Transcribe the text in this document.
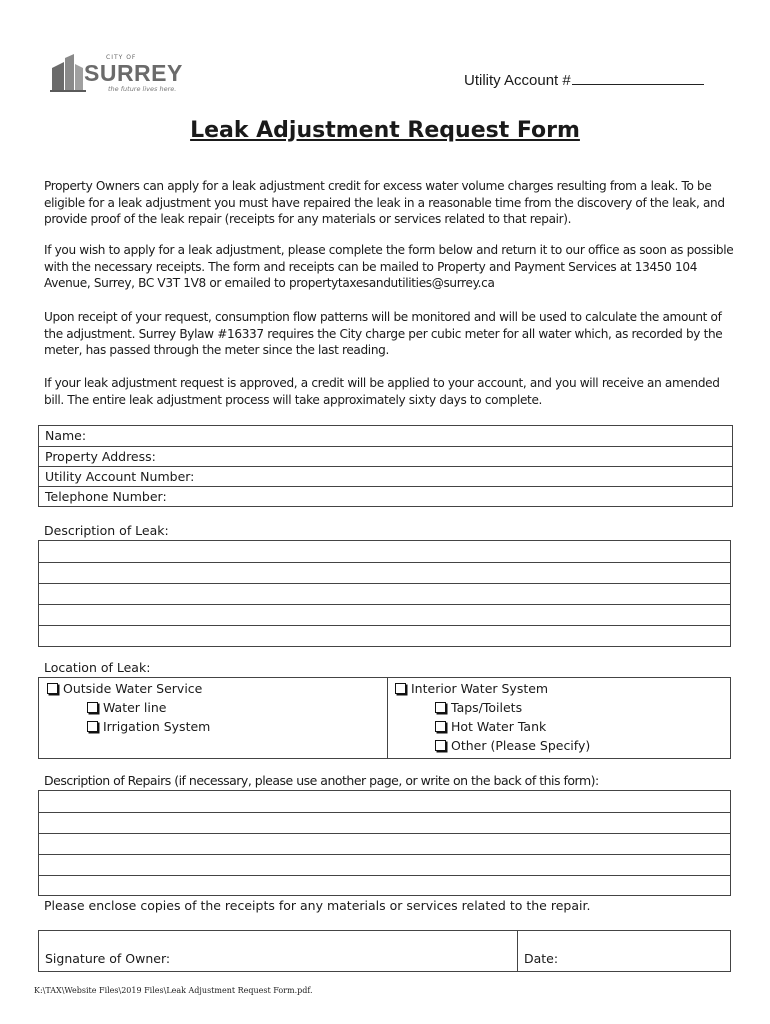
CITY OF
SURREY
the future lives here.	Utility Account #
Leak Adjustment Request Form
Property Owners can apply for a leak adjustment credit for excess water volume charges resulting from a leak. To be eligible for a leak adjustment you must have repaired the leak in a reasonable time from the discovery of the leak, and provide proof of the leak repair (receipts for any materials or services related to that repair).
If you wish to apply for a leak adjustment, please complete the form below and return it to our office as soon as possible with the necessary receipts. The form and receipts can be mailed to Property and Payment Services at 13450 104 Avenue, Surrey, BC V3T 1V8 or emailed to propertytaxesandutilities@surrey.ca
Upon receipt of your request, consumption flow patterns will be monitored and will be used to calculate the amount of the adjustment. Surrey Bylaw #16337 requires the City charge per cubic meter for all water which, as recorded by the meter, has passed through the meter since the last reading.
If your leak adjustment request is approved, a credit will be applied to your account, and you will receive an amended bill. The entire leak adjustment process will take approximately sixty days to complete.
Name:
Property Address:
Utility Account Number:
Telephone Number:
Description of Leak:
Location of Leak:
Outside Water Service
Water line
Irrigation System
Interior Water System
Taps/Toilets
Hot Water Tank
Other (Please Specify)
Description of Repairs (if necessary, please use another page, or write on the back of this form):
Please enclose copies of the receipts for any materials or services related to the repair.
Signature of Owner:	Date:
K:\TAX\Website Files\2019 Files\Leak Adjustment Request Form.pdf.
